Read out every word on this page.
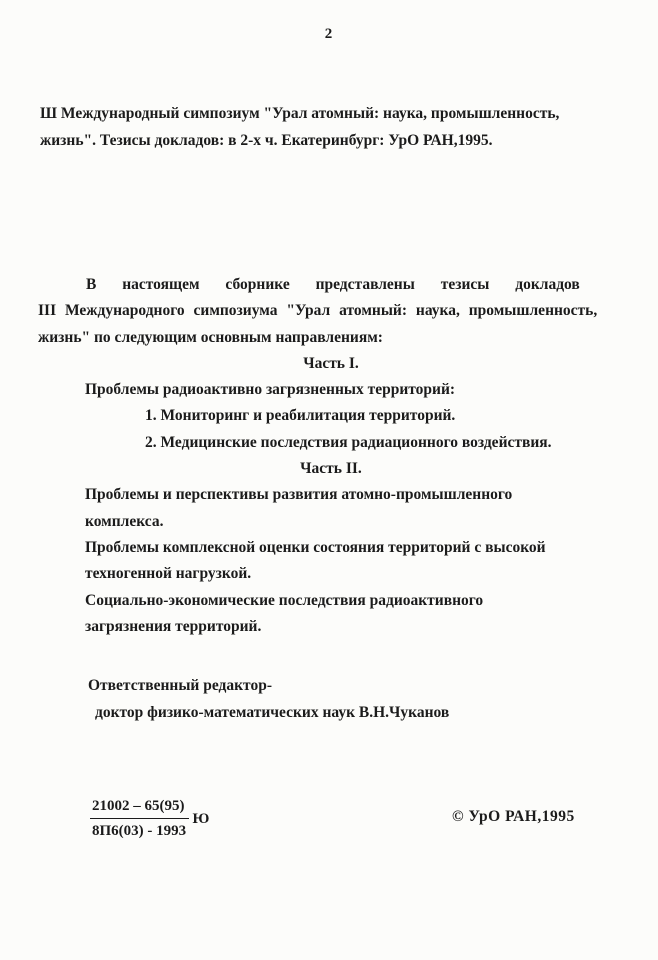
2
Ш Международный симпозиум "Урал атомный: наука, промышленность,
жизнь". Тезисы докладов: в 2-х ч. Екатеринбург: УрО РАН,1995.
В настоящем сборнике представлены тезисы докладов
III Международного симпозиума "Урал атомный: наука, промышленность,
жизнь" по следующим основным направлениям:
Часть I.
Проблемы радиоактивно загрязненных территорий:
1. Мониторинг и реабилитация территорий.
2. Медицинские последствия радиационного воздействия.
Часть II.
Проблемы и перспективы развития атомно-промышленного
комплекса.
Проблемы комплексной оценки состояния территорий с высокой
техногенной нагрузкой.
Социально-экономические последствия радиоактивного
загрязнения территорий.
Ответственный редактор-
доктор физико-математических наук В.Н.Чуканов
$\frac{21002 - 65(95)}{8П6(03) - 1993}$ Ю	© УрО РАН,1995
